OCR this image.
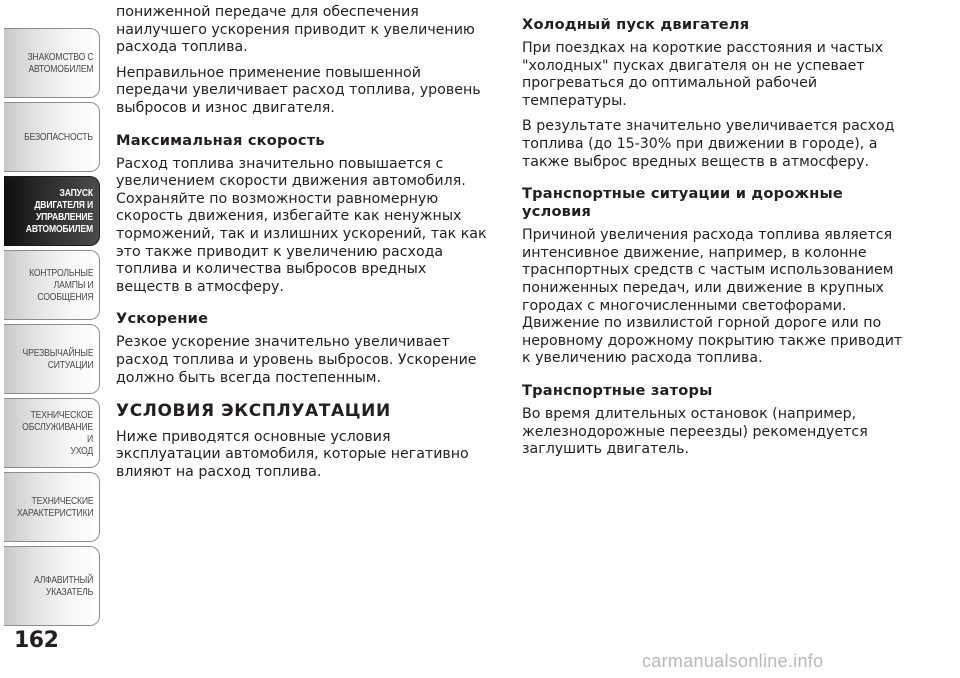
ЗНАКОМСТВО С
АВТОМОБИЛЕМ
БЕЗОПАСНОСТЬ
ЗАПУСК
ДВИГАТЕЛЯ И
УПРАВЛЕНИЕ
АВТОМОБИЛЕМ
КОНТРОЛЬНЫЕ
ЛАМПЫ И
СООБЩЕНИЯ
ЧРЕЗВЫЧАЙНЫЕ
СИТУАЦИИ
ТЕХНИЧЕСКОЕ
ОБСЛУЖИВАНИЕ И
УХОД
ТЕХНИЧЕСКИЕ
ХАРАКТЕРИСТИКИ
АЛФАВИТНЫЙ
УКАЗАТЕЛЬ
162

пониженной передаче для обеспечения наилучшего ускорения приводит к увеличению расхода топлива.

Неправильное применение повышенной передачи увеличивает расход топлива, уровень выбросов и износ двигателя.

Максимальная скорость

Расход топлива значительно повышается с увеличением скорости движения автомобиля. Сохраняйте по возможности равномерную скорость движения, избегайте как ненужных торможений, так и излишних ускорений, так как это также приводит к увеличению расхода топлива и количества выбросов вредных веществ в атмосферу.

Ускорение

Резкое ускорение значительно увеличивает расход топлива и уровень выбросов. Ускорение должно быть всегда постепенным.

УСЛОВИЯ ЭКСПЛУАТАЦИИ

Ниже приводятся основные условия эксплуатации автомобиля, которые негативно влияют на расход топлива.

Холодный пуск двигателя

При поездках на короткие расстояния и частых "холодных" пусках двигателя он не успевает прогреваться до оптимальной рабочей температуры.

В результате значительно увеличивается расход топлива (до 15-30% при движении в городе), а также выброс вредных веществ в атмосферу.

Транспортные ситуации и дорожные условия

Причиной увеличения расхода топлива является интенсивное движение, например, в колонне траснпортных средств с частым использованием пониженных передач, или движение в крупных городах с многочисленными светофорами. Движение по извилистой горной дороге или по неровному дорожному покрытию также приводит к увеличению расхода топлива.

Транспортные заторы

Во время длительных остановок (например, железнодорожные переезды) рекомендуется заглушить двигатель.

carmanualsonline.info
